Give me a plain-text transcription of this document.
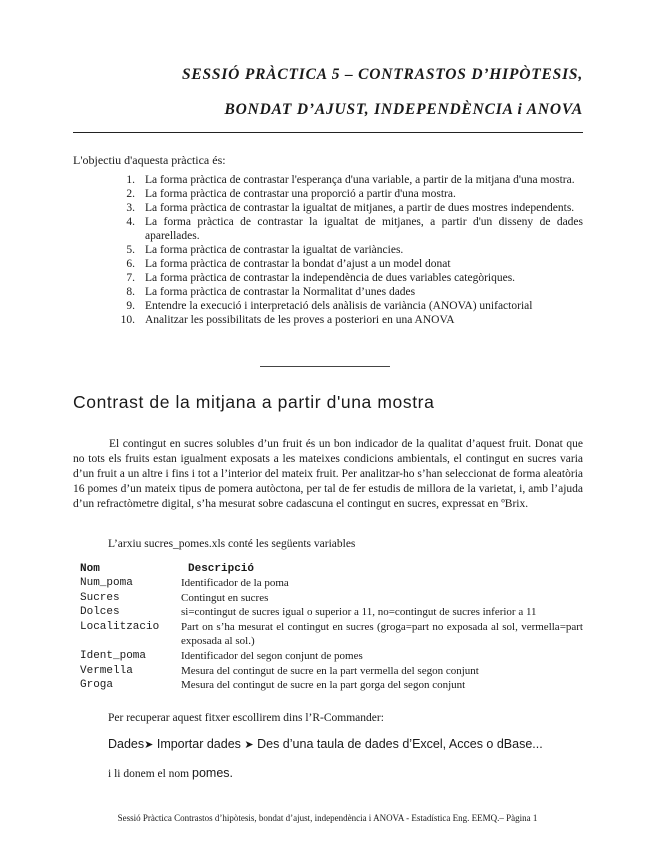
SESSIÓ PRÀCTICA 5 – CONTRASTOS D’HIPÒTESIS,
BONDAT D’AJUST, INDEPENDÈNCIA i ANOVA
L'objectiu d'aquesta pràctica és:
1. La forma pràctica de contrastar l'esperança d'una variable, a partir de la mitjana d'una mostra.
2. La forma pràctica de contrastar una proporció a partir d'una mostra.
3. La forma pràctica de contrastar la igualtat de mitjanes, a partir de dues mostres independents.
4. La forma pràctica de contrastar la igualtat de mitjanes, a partir d'un disseny de dades aparellades.
5. La forma pràctica de contrastar la igualtat de variàncies.
6. La forma pràctica de contrastar la bondat d’ajust a un model donat
7. La forma pràctica de contrastar la independència de dues variables categòriques.
8. La forma pràctica de contrastar la Normalitat d’unes dades
9. Entendre la execució i interpretació dels anàlisis de variància (ANOVA) unifactorial
10. Analitzar les possibilitats de les proves a posteriori en una ANOVA
Contrast de la mitjana a partir d'una mostra

El contingut en sucres solubles d’un fruit és un bon indicador de la qualitat d’aquest fruit. Donat que no tots els fruits estan igualment exposats a les mateixes condicions ambientals, el contingut en sucres varia d’un fruit a un altre i fins i tot a l’interior del mateix fruit. Per analitzar-ho s’han seleccionat de forma aleatòria 16 pomes d’un mateix tipus de pomera autòctona, per tal de fer estudis de millora de la varietat, i, amb l’ajuda d’un refractòmetre digital, s’ha mesurat sobre cadascuna el contingut en sucres, expressat en ºBrix.

L’arxiu sucres_pomes.xls conté les següents variables
Nom	Descripció
Num_poma	Identificador de la poma
Sucres	Contingut en sucres
Dolces	si=contingut de sucres igual o superior a 11, no=contingut de sucres inferior a 11
Localitzacio	Part on s’ha mesurat el contingut en sucres (groga=part no exposada al sol, vermella=part exposada al sol.)
Ident_poma	Identificador del segon conjunt de pomes
Vermella	Mesura del contingut de sucre en la part vermella del segon conjunt
Groga	Mesura del contingut de sucre en la part gorga del segon conjunt
Per recuperar aquest fitxer escollirem dins l’R-Commander:
Dades➤ Importar dades ➤ Des d’una taula de dades d’Excel, Acces o dBase...
i li donem el nom pomes.
Sessió Pràctica Contrastos d’hipòtesis, bondat d’ajust, independència i ANOVA - Estadística Eng. EEMQ.– Pàgina 1
